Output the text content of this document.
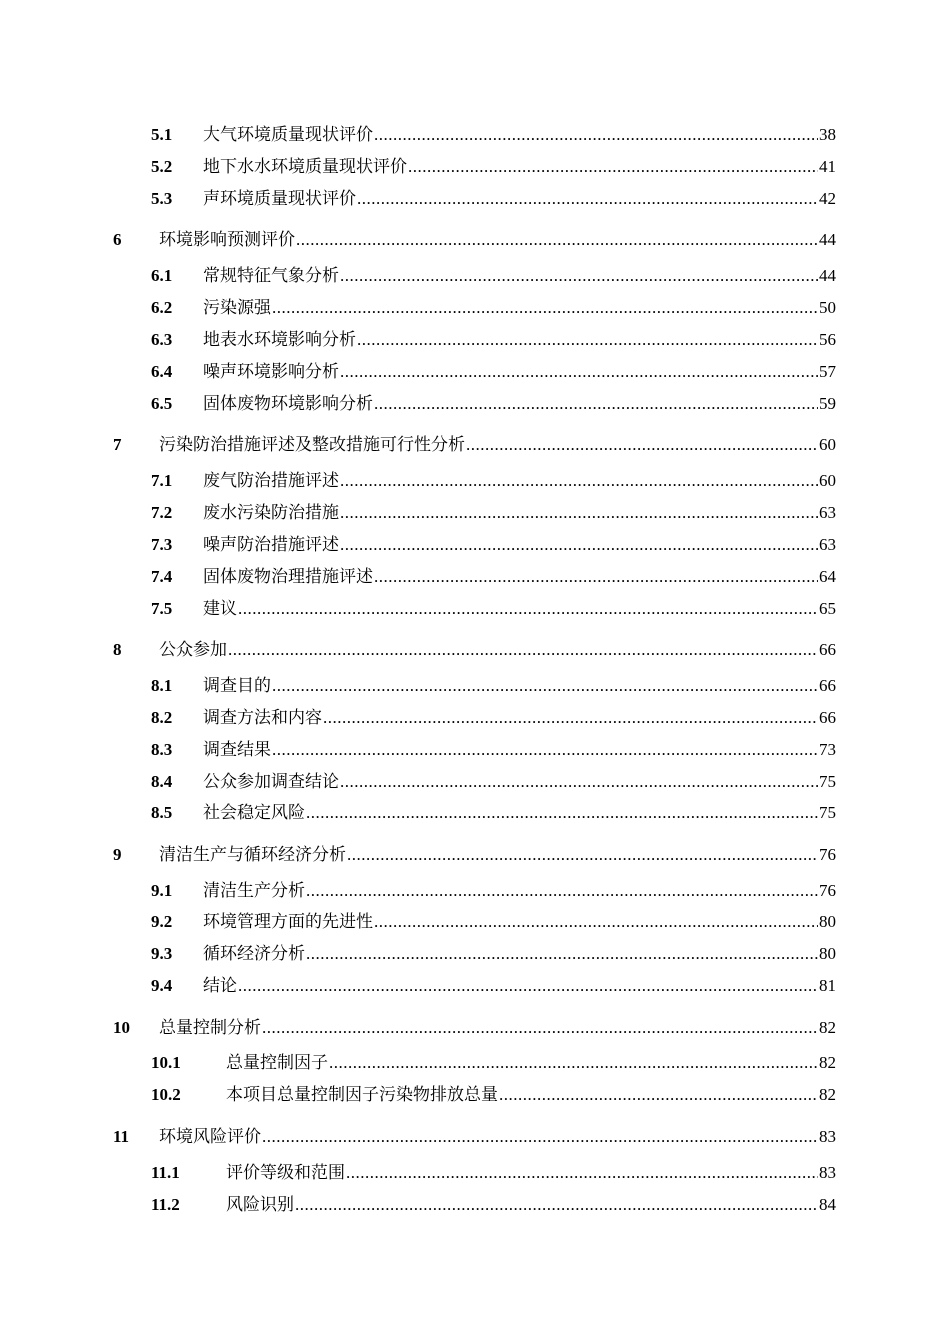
5.1	大气环境质量现状评价 .....	38
5.2	地下水水环境质量现状评价 .....	41
5.3	声环境质量现状评价 .....	42
6	环境影响预测评价 .....	44
6.1	常规特征气象分析 .....	44
6.2	污染源强 .....	50
6.3	地表水环境影响分析 .....	56
6.4	噪声环境影响分析 .....	57
6.5	固体废物环境影响分析 .....	59
7	污染防治措施评述及整改措施可行性分析 .....	60
7.1	废气防治措施评述 .....	60
7.2	废水污染防治措施 .....	63
7.3	噪声防治措施评述 .....	63
7.4	固体废物治理措施评述 .....	64
7.5	建议 .....	65
8	公众参加 .....	66
8.1	调查目的 .....	66
8.2	调查方法和内容 .....	66
8.3	调查结果 .....	73
8.4	公众参加调查结论 .....	75
8.5	社会稳定风险 .....	75
9	清洁生产与循环经济分析 .....	76
9.1	清洁生产分析 .....	76
9.2	环境管理方面的先进性 .....	80
9.3	循环经济分析 .....	80
9.4	结论 .....	81
10	总量控制分析 .....	82
10.1	总量控制因子 .....	82
10.2	本项目总量控制因子污染物排放总量 .....	82
11	环境风险评价 .....	83
11.1	评价等级和范围 .....	83
11.2	风险识别 .....	84
